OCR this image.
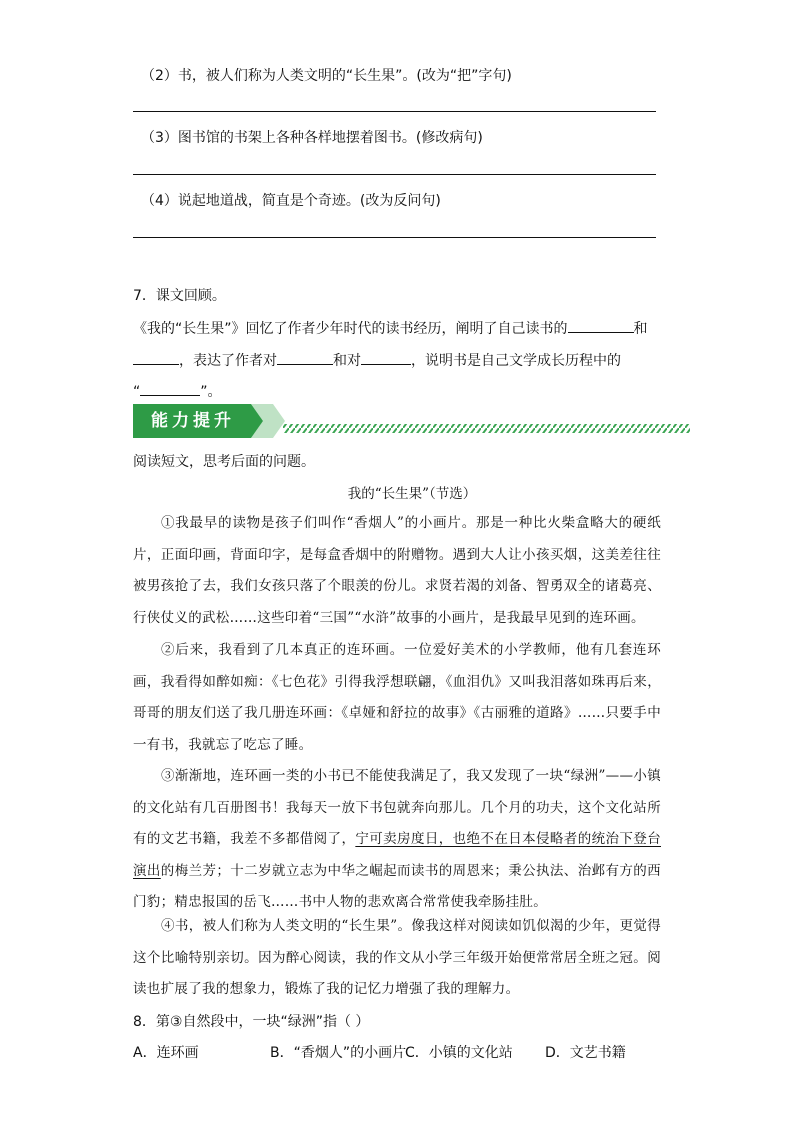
（2）书，被人们称为人类文明的“长生果”。(改为“把”字句)
（3）图书馆的书架上各种各样地摆着图书。(修改病句)
（4）说起地道战，简直是个奇迹。(改为反问句)
7．课文回顾。
《我的“长生果”》回忆了作者少年时代的读书经历，阐明了自己读书的	和
，表达了作者对	和对	，说明书是自己文学成长历程中的
“	”。
能力提升
阅读短文，思考后面的问题。
我的“长生果”（节选）
①我最早的读物是孩子们叫作“香烟人”的小画片。那是一种比火柴盒略大的硬纸片，正面印画，背面印字，是每盒香烟中的附赠物。遇到大人让小孩买烟，这美差往往被男孩抢了去，我们女孩只落了个眼羡的份儿。求贤若渴的刘备、智勇双全的诸葛亮、行侠仗义的武松……这些印着“三国”“水浒”故事的小画片，是我最早见到的连环画。
②后来，我看到了几本真正的连环画。一位爱好美术的小学教师，他有几套连环画，我看得如醉如痴：《七色花》引得我浮想联翩，《血泪仇》又叫我泪落如珠再后来，哥哥的朋友们送了我几册连环画：《卓娅和舒拉的故事》《古丽雅的道路》……只要手中一有书，我就忘了吃忘了睡。
③渐渐地，连环画一类的小书已不能使我满足了，我又发现了一块“绿洲”——小镇的文化站有几百册图书！我每天一放下书包就奔向那儿。几个月的功夫，这个文化站所有的文艺书籍，我差不多都借阅了，宁可卖房度日，也绝不在日本侵略者的统治下登台演出的梅兰芳；十二岁就立志为中华之崛起而读书的周恩来；秉公执法、治邺有方的西门豹；精忠报国的岳飞……书中人物的悲欢离合常常使我牵肠挂肚。
④书，被人们称为人类文明的“长生果”。像我这样对阅读如饥似渴的少年，更觉得这个比喻特别亲切。因为醉心阅读，我的作文从小学三年级开始便常常居全班之冠。阅读也扩展了我的想象力，锻炼了我的记忆力增强了我的理解力。
8．第③自然段中，一块“绿洲”指（ ）
A．连环画	B．“香烟人”的小画片
C．小镇的文化站 D．文艺书籍
